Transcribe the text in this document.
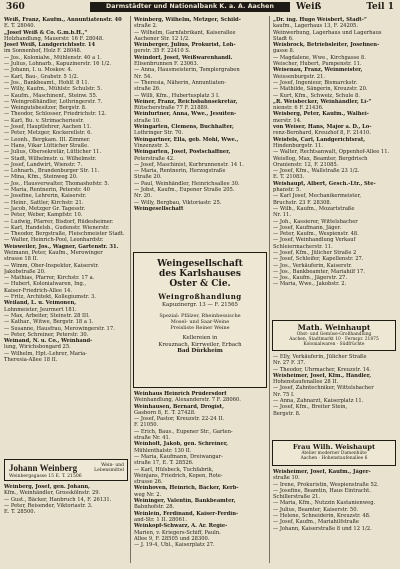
360	Darmstädter und Nationalbank K. a. A. Aachen	Weiß	Teil 1
Weiß, Franz, Kaufm., Annuntiatenstr. 40
E. T. 28040.
„Josef Weiß & Co. G.m.b.H.,“
Holzhandlung, Mauerstr. 16 F. 28048.
Josef Weiß, Landgerichtsstr. 14
im Sonnenhof, Holz F. 28048.
— Jos., Kolonialw., Mühlenstr. 40 a 1.
— Julius, Lohnarb., Kapuzinerstr. 16 1/2.
— Johann, I. u. Moskov. 4.
— Karl, Bau-, Grabstr. 5 1/2.
— Jos., Bankbeamt., Hohlf. 8 11.
— Willy, Kaufm., Mühlstr. Schulstr. 5.
— Kaufm., Maschinenf., Steinw. 55.
— Weingroßhändler, Lothringerstr. 7.
— Weingutsbesitzer, Bergstr. 8.
— Theodor, Schlosser, Friedrichstr. 12.
— Karl, Bu. v. Strimacheriestr.
— Josef, Hauptlehrer, Aachen 11.
— Peter, Metzger, Kockerellstr. 6.
— Leonh., Bergkam. III. Zimmer.
— Hans, Vikar Lütticher Straße.
— Julius, Obersekretär, Lütticher 11.
— Stadt, Wilhelmstr. u. Wilhelmstr.
— Josef, Landwirt, Wienstr. 7.
— Lohnarb., Brandenburger Str. 11.
— Mina, Kfm., Steinweg 20.
— Jos., Hausverwalter, Thomashofstr. 5.
— Maria, Rentnerin, Peterstr. 40
— Josefine, Lehrerin, Kaiserstr.
— Heinr., Sattler, Kirchstr. 21.
— Jacob, Metzger Gr. Tagesstr.
— Peter, Weber, Kampfstr. 10.
— Ludwig, Pfarrer, Bisdorf, Rüdesheimer.
— Karl, Handelsb., Gudenstr. Wienerstr.
— Theodor, Bergstraße, Fleischmeister Stadt.
— Walter, Heinrich-Pool, Leonhardstr.
Weisweiler, Jos., Wagner, Gartenstr. 31.
Weimann, Peter, Kaufm., Merowinger
strasse 18 II.
— Wimm, Ober-Inspektor, Kaiserstr.
Jakobstraße 20.
— Mathias, Pfarrer, Kirchstr. 17 a.
— Hubert, Kolonialwaren, Ing.,
Kaiser-Friedrich-Allee 14.
— Fritz, Architekt, Kollegiumstr. 3.
Weiland, L. u. Veimonen,
Lohnmeister, Jeurmert 181.
— Max, Arbeiter, Steinstr. 28 III.
— Kathar., Witwe, Bergstr. 18 a 1.
— Susanne, Hausfrau, Merowingerstr. 17.
— Peter, Schreiner, Peterstr. 30.
Weinand, N. u. Co., Weinhand-
lung, Wirichsbongard 25.
— Wilhelm, Hpt.-Lehrer, Maria-
Theresia-Allee 18 II.
Johann Weinberg	Wein- und Lebensmittel
Weinbergsgasse 15 E. T. 21506
Weinberg, Josef, gen. Johann,
Kfm., Weinhändler, Grosskölnstr. 29.
— Gust., Bäcker, Hanbruch 14, F. 26131.
— Peter, Reisender, Viktoriastr. 3.
E. T. 28500.
Weinberg, Wilhelm, Metzger, Schild-
straße 2.
— Wilhelm, Garnfabrikant, Kaiserallee
Aachener Str. 12 1/2.
Weinberger, Julius, Prokurist, Loh-
gerstr. 35 F. 22410 S.
Weindorf, Josef, Weißwarenhandl.
Elisenbrunnen F. 23063.
— Anna, Hausmeisterin, Templergraben
Nr. 54.
— Theresia, Näherin, Annuntiaten-
straße 26.
— Willi, Kfm., Hubertusplatz 3 I.
Weiner, Franz, Reichsbahnsekretär,
Rütscherstraße 77 F. 21889.
Weinfurtner, Anna, Wwe., Jesuiten-
straße 10.
Weingarten, Clemens, Buchhalter,
Lothringer Str. 70.
Weingartner, Ella, geb. Mohl, Wwe.,
Vinzenzstr. 3.
Weingarten, Josef, Postschaffner,
Peterstraße 42.
— Josef, Maschinist, Kurbrunnenstr. 14 1.
— Maria, Rentnerin, Herzogstraße
Straße 20.
— Paul, Weinhändler, Heinrichsallee 30.
— Jobst, Kaufm., Eupener Straße 205.
Nr. 20.
— Willy, Bergbau, Viktoriastr. 25.
Weingesellschaft
Weingesellschaft
des Karlshauses
Oster & Cie.
Weingroßhandlung
Kapuzinergr. 13 — F. 21565
Spezial: Pfälzer, Rheinhessische
Mosel- und Saar-Weine
Preisliste Reiner Weine
Kellereien in
Kreuznach, Kirrweiler, Erbach
Bad Dürkheim
Weinhaus Heinrich Prüdersdorf
Weinhandlung, Alexanderstr. 7 F. 28060.
Weinhausen, Bernard, Drogist,
Gasborn 8, E. T. 27428.
— Josef, Pastor, Kreuzstr. 22-24 II.
F. 21050.
— Erich, Baus., Eupener Str., Garten-
straße Nr. 41.
Weinholt, Jakob, gen. Schreiner,
Mühlenthalstr. 130 II.
— Maria, Kaufmann, Dreiwangar-
straße 17, E. T. 28526.
— Karl, Hülsbeck, Tuchfabrik,
Weinjans, Friedrich, Kopen, Rote-
strasse 26.
Weinhoven, Heinrich, Bäcker, Kerb-
weg Nr. 2.
Weininger, Valentin, Bankbeamter,
Bahnhofstr. 28.
Weinlein, Ferdinand, Kaiser-Ferdin-
and-Str. 1 II. 28061.
Weinkopf-Schwarz, A. Ar. Regie-
Marien, v. Kriegers-Schiff, Pauln.
Allee 9, F. 28505 und 28300.
— J. 19-4, Ubl., Kaiserplatz 27.
„Dr. ing. Hugo Weisbert, Stadt-“
kaufm., Lagerhaus 13, F. 24205.
Weinwerbung, Lagerhaus und Lagerhaus
Stadt 6.
Weisbrock, Betriebsleiter, Josefinen-
gasse 8.
— Magdalene, Wwe., Kirchgasse 8.
Weischer, Hubert, Pumpenstr. 11.
Weisenau, Franz, Weinmeister,
Weissenburgstr. 21.
— Josef, Ingenieur, Bismarckstr.
— Mathilde, Sängerin, Kreuzstr. 20.
— Kurt, Kfm., Schweiz, Schule 8.
„R. Weisbecker, Weinhändler, Li-“
nienstr. 6 F. 21436.
Weisberg, Peter, Kaufm., Walhei-
merstr. 14.
von Weiser, Hans, Major a. D., Lo-
renz-Bernhard, Kreuzhof 8, F. 21410.
Weisfels, Carl, Landgerichtsrat,
Hindenburgstr. 11.
— Walter, Rechtsanwalt, Oppenhof-Allee 11.
Weisflog, Max, Beamter, Bergdrisch
Oranienstr. 12, F. 21085.
— Josef, Kfm., Wallstraße 23 1/2.
E. T. 21083.
Weishaupt, Albert, Gesch.-Ltr., Ste-
phanstr. 5.
— Karl Josef, Mechanikermeister,
Bruchstr. 23 F. 28308.
— Wilh., Kaufm., Mozartstraße
Nr. 11.
— Joh., Kassierer, Wittelsbacher
— Josef, Kaufmann, Jäger.
— Peter, Kaufm., Wespienstr. 48.
— Josef, Weinhandlung Verkauf
Schleiermacherstr. 11.
— Josef, Kfm., Jülicher Straße 2
— Josef, Schleifer, Kapellenstr. 27.
— Jos., Verkäuferin, Kaiserstr.
— Jos., Bankbeamter, Mariahilf 17.
— Jos., Kaufm., Jägerstr. 27.
— Maria, Wwe., Jakobstr. 2.
Math. Weinhaupt
Obst- und Gemüse-Großhandlung
Aachen, Stadtmarkt 10 · Fernspr. 21875
Kolonialwaren · Südfrüchte
— Elly, Verkäuferin, Jülicher Straße
Nr. 27 F. 37.
— Theodor, Uhrmacher, Kreuzstr. 14.
Weisheimer, Josef, Kfm., Händler,
Hohenstaufenallee 28 II.
— Josef, Zahntechniker, Wittelsbacher
Nr. 75 I.
— Anna, Zahnarzt, Kaiserplatz 11.
— Josef, Kfm., Breiter Stein,
Bergstr. 8.
Frau Wilh. Weishaupt
Atelier moderner Damenhüte
Aachen · Hohenstaufenallee 6
Weisheimer, Josef, Kaufm., Jäger-
straße 10.
— Irene, Prokuristin, Wespienstraße 52.
— Josefine, Beamtin, Haus Eintracht.
Schillerstraße 21.
— Maria, Kfm., Nutzzin Kastanienweg.
— Julius, Beamter, Kaiserstr. 50.
— Helene, Schneiderin, Kreuzstr. 48.
— Josef, Kaufm., Mariahilfstraße
— Johann, Kaiserstraße 8 und 12 1/2.
